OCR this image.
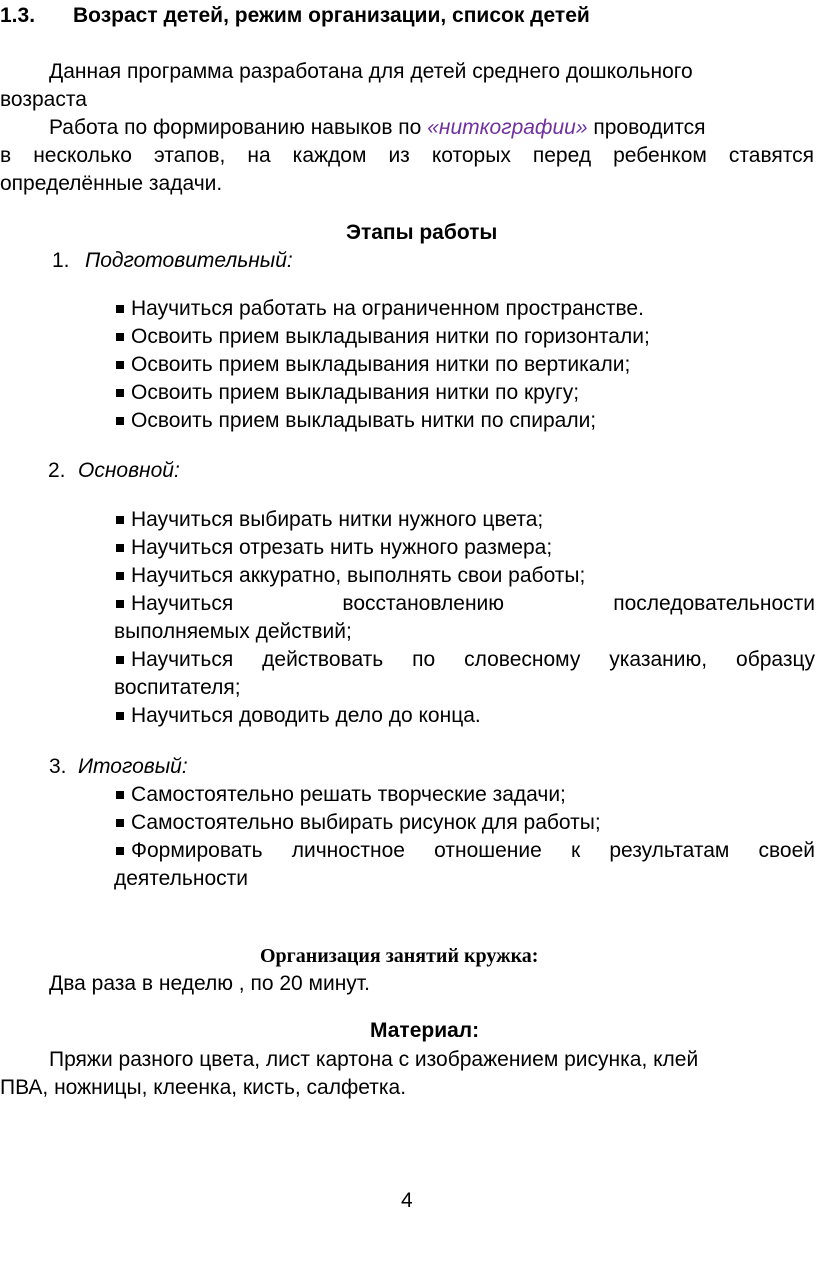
1.3. Возраст детей, режим организации, список детей
Данная программа разработана для детей среднего дошкольного
возраста
Работа по формированию навыков по «ниткографии» проводится
в несколько этапов, на каждом из которых перед ребенком ставятся
определённые задачи.
Этапы работы
1. Подготовительный:
Научиться работать на ограниченном пространстве.
Освоить прием выкладывания нитки по горизонтали;
Освоить прием выкладывания нитки по вертикали;
Освоить прием выкладывания нитки по кругу;
Освоить прием выкладывать нитки по спирали;
2. Основной:
Научиться выбирать нитки нужного цвета;
Научиться отрезать нить нужного размера;
Научиться аккуратно, выполнять свои работы;
Научиться восстановлению последовательности
выполняемых действий;
Научиться действовать по словесному указанию, образцу
воспитателя;
Научиться доводить дело до конца.
3. Итоговый:
Самостоятельно решать творческие задачи;
Самостоятельно выбирать рисунок для работы;
Формировать личностное отношение к результатам своей
деятельности
Организация занятий кружка:
Два раза в неделю , по 20 минут.
Материал:
Пряжи разного цвета, лист картона с изображением рисунка, клей
ПВА, ножницы, клеенка, кисть, салфетка.
4
